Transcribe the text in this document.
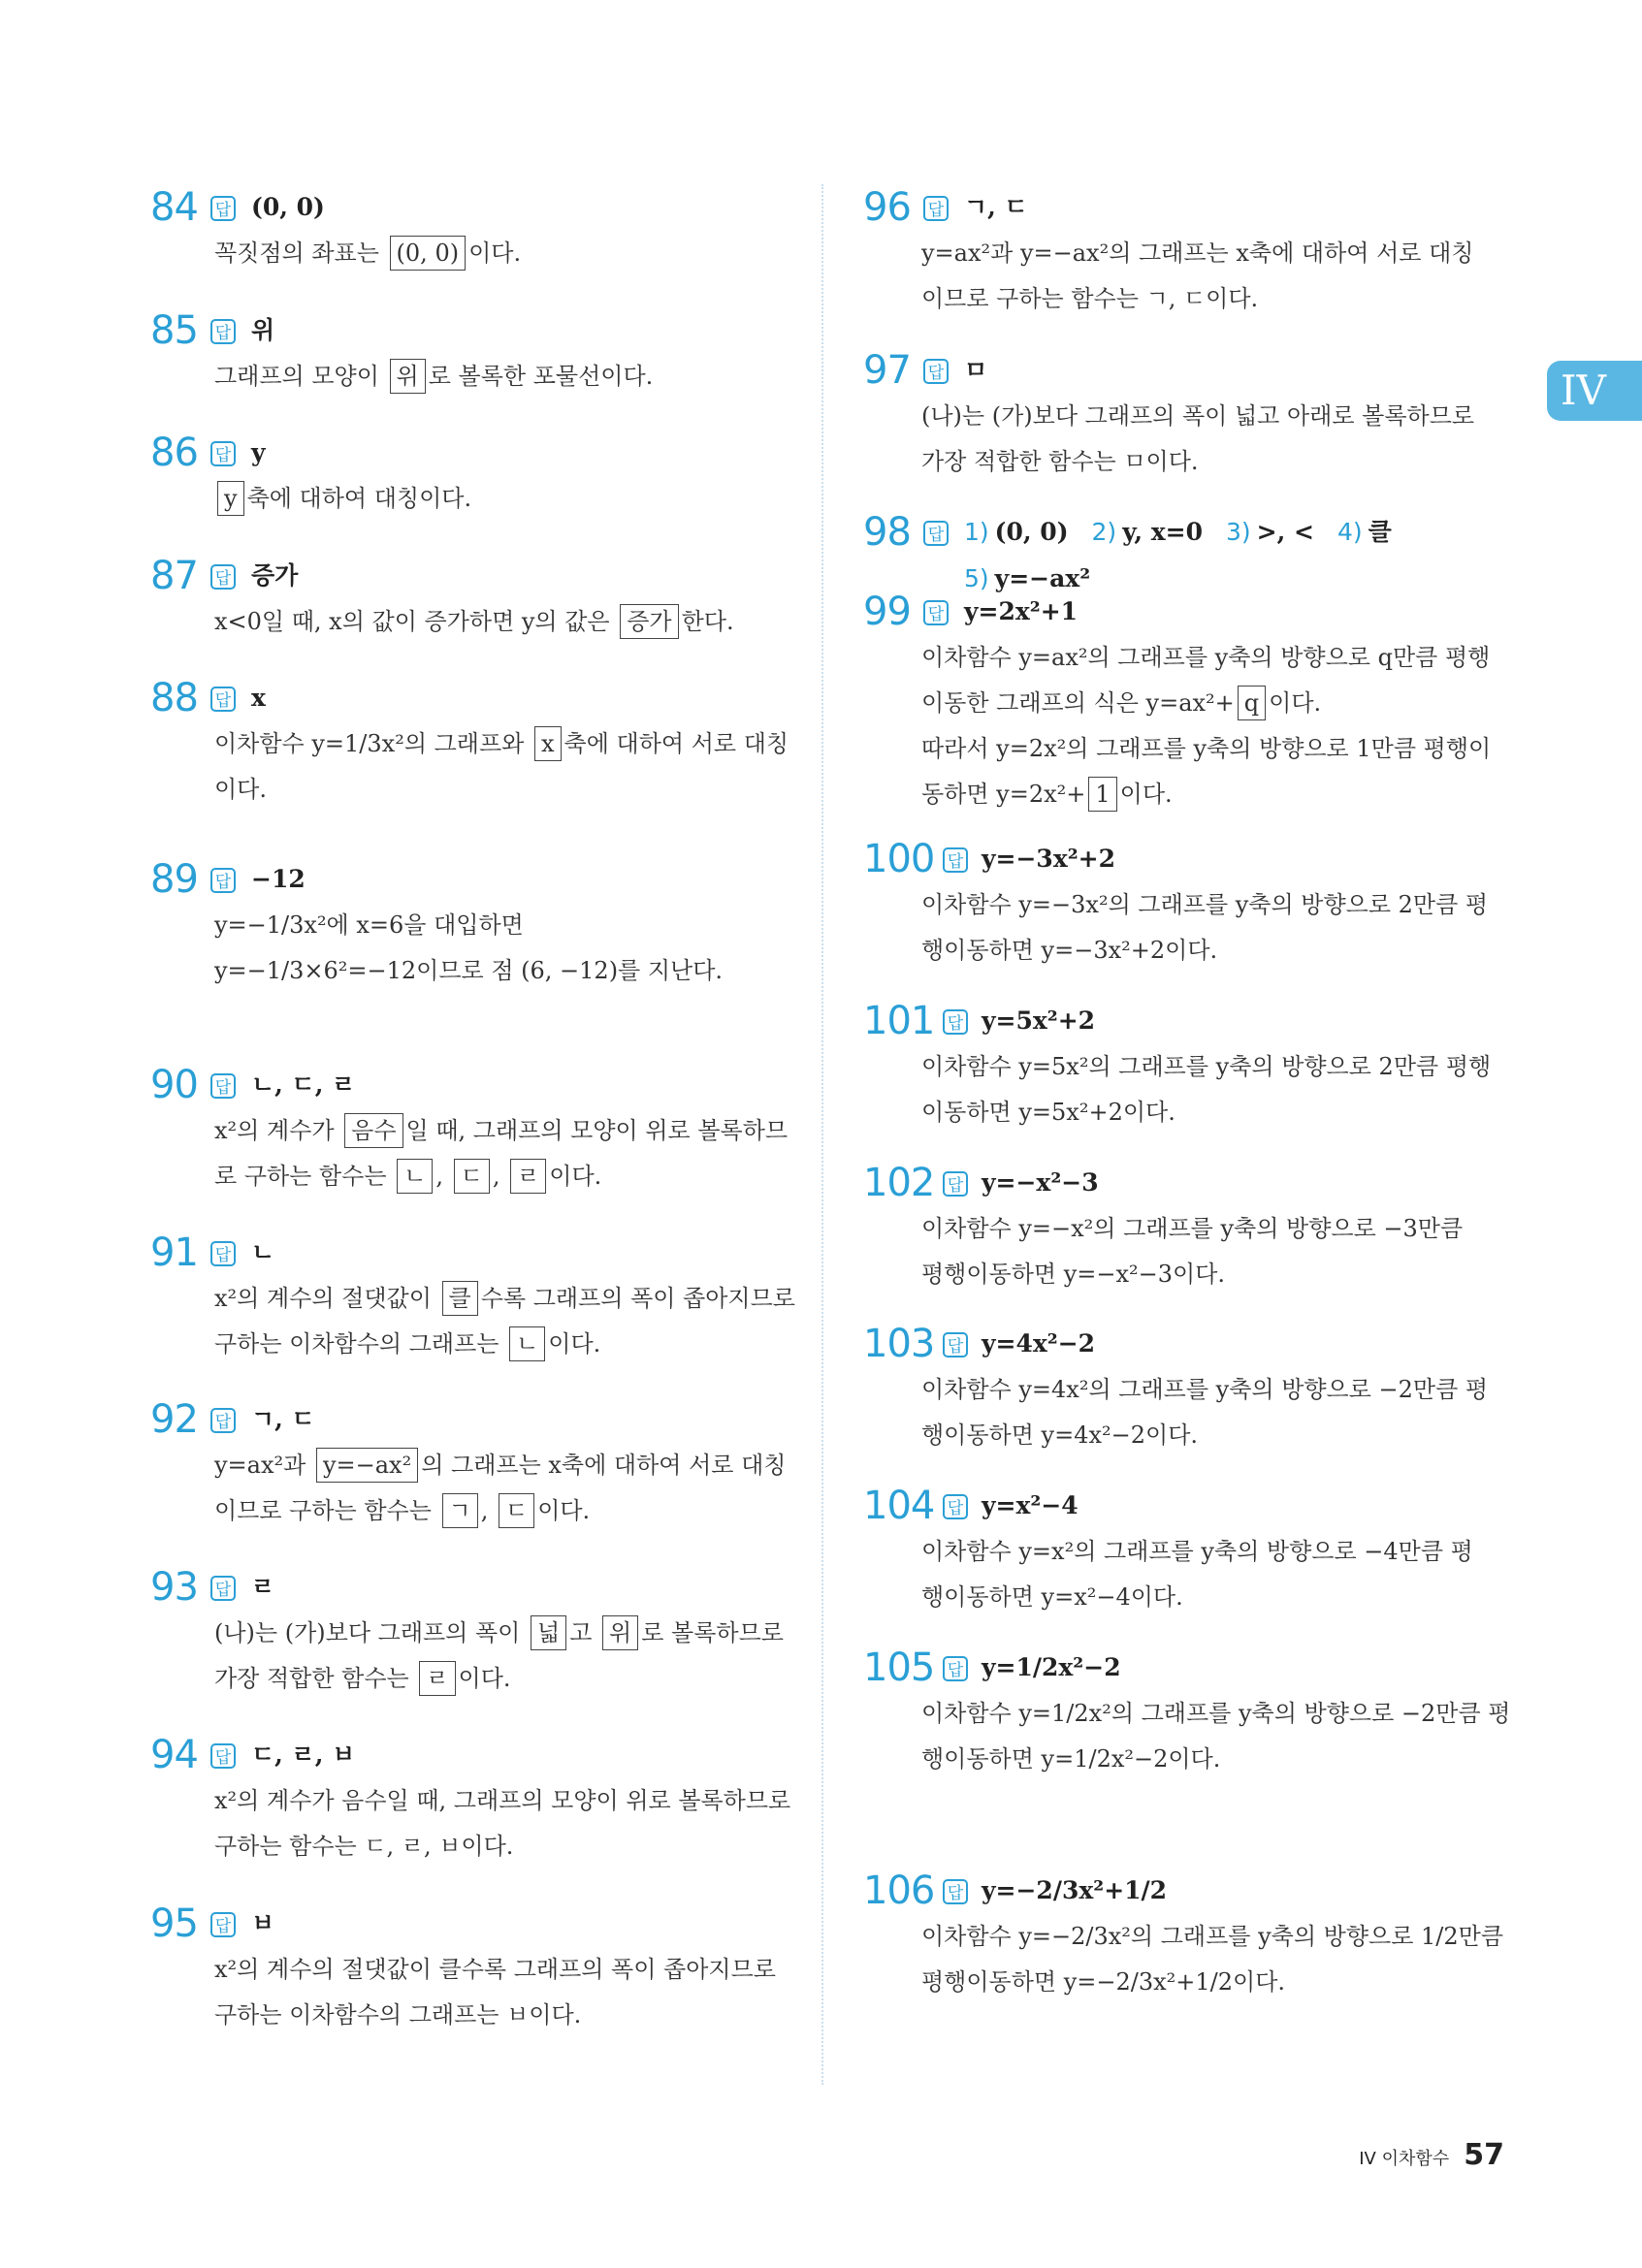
IV
84 답 (0, 0)
꼭짓점의 좌표는 (0, 0) 이다.
85 답 위
그래프의 모양이 위 로 볼록한 포물선이다.
86 답 y
y 축에 대하여 대칭이다.
87 답 증가
x<0일 때, x의 값이 증가하면 y의 값은 증가 한다.
88 답 x
이차함수 y=1/3x²의 그래프와 x 축에 대하여 서로 대칭
이다.
89 답 −12
y=−1/3x²에 x=6을 대입하면
y=−1/3×6²=−12이므로 점 (6, −12)를 지난다.
90 답 ㄴ, ㄷ, ㄹ
x²의 계수가 음수 일 때, 그래프의 모양이 위로 볼록하므
로 구하는 함수는 ㄴ , ㄷ , ㄹ 이다.
91 답 ㄴ
x²의 계수의 절댓값이 클 수록 그래프의 폭이 좁아지므로
구하는 이차함수의 그래프는 ㄴ 이다.
92 답 ㄱ, ㄷ
y=ax²과 y=−ax² 의 그래프는 x축에 대하여 서로 대칭
이므로 구하는 함수는 ㄱ , ㄷ 이다.
93 답 ㄹ
(나)는 (가)보다 그래프의 폭이 넓 고 위 로 볼록하므로
가장 적합한 함수는 ㄹ 이다.
94 답 ㄷ, ㄹ, ㅂ
x²의 계수가 음수일 때, 그래프의 모양이 위로 볼록하므로
구하는 함수는 ㄷ, ㄹ, ㅂ이다.
95 답 ㅂ
x²의 계수의 절댓값이 클수록 그래프의 폭이 좁아지므로
구하는 이차함수의 그래프는 ㅂ이다.
96 답 ㄱ, ㄷ
y=ax²과 y=−ax²의 그래프는 x축에 대하여 서로 대칭
이므로 구하는 함수는 ㄱ, ㄷ이다.
97 답 ㅁ
(나)는 (가)보다 그래프의 폭이 넓고 아래로 볼록하므로
가장 적합한 함수는 ㅁ이다.
98 답 1) (0, 0) 2) y, x=0 3) >, < 4) 클5) y=−ax²
99 답 y=2x²+1
이차함수 y=ax²의 그래프를 y축의 방향으로 q만큼 평행
이동한 그래프의 식은 y=ax²+ q 이다.
따라서 y=2x²의 그래프를 y축의 방향으로 1만큼 평행이
동하면 y=2x²+ 1 이다.
100 답 y=−3x²+2
이차함수 y=−3x²의 그래프를 y축의 방향으로 2만큼 평
행이동하면 y=−3x²+2이다.
101 답 y=5x²+2
이차함수 y=5x²의 그래프를 y축의 방향으로 2만큼 평행
이동하면 y=5x²+2이다.
102 답 y=−x²−3
이차함수 y=−x²의 그래프를 y축의 방향으로 −3만큼
평행이동하면 y=−x²−3이다.
103 답 y=4x²−2
이차함수 y=4x²의 그래프를 y축의 방향으로 −2만큼 평
행이동하면 y=4x²−2이다.
104 답 y=x²−4
이차함수 y=x²의 그래프를 y축의 방향으로 −4만큼 평
행이동하면 y=x²−4이다.
105 답 y=1/2x²−2
이차함수 y=1/2x²의 그래프를 y축의 방향으로 −2만큼 평
행이동하면 y=1/2x²−2이다.
106 답 y=−2/3x²+1/2
이차함수 y=−2/3x²의 그래프를 y축의 방향으로 1/2만큼
평행이동하면 y=−2/3x²+1/2이다.
IV 이차함수 57
